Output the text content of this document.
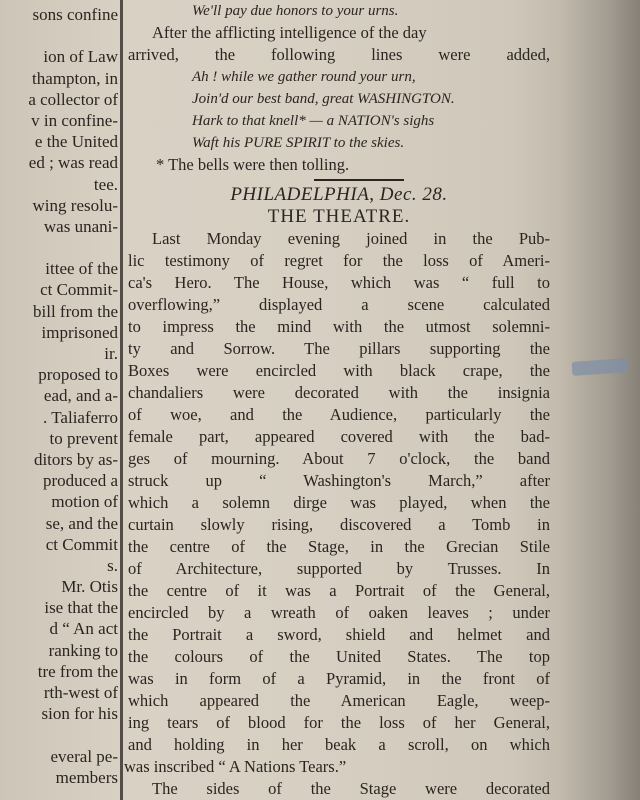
sons confine
ion of Law
thampton, in
a collector of
v in confine-
e the United
ed ; was read
tee.
wing resolu-
was unani-
ittee of the
ct Commit-
bill from the
imprisoned
ir.
proposed to
ead, and a-
. Taliaferro
to prevent
ditors by as-
produced a
motion of
se, and the
ct Commit
s.
Mr. Otis
ise that the
d “ An act
ranking to
tre from the
rth-west of
sion for his
everal pe-
members
We'll pay due honors to your urns.
After the afflicting intelligence of the day
arrived, the following lines were added,
Ah ! while we gather round your urn,
Join'd our best band, great WASHINGTON.
Hark to that knell* — a NATION's sighs
Waft his PURE SPIRIT to the skies.
* The bells were then tolling.
PHILADELPHIA, Dec. 28.
THE THEATRE.
Last Monday evening joined in the Pub-
lic testimony of regret for the loss of Ameri-
ca's Hero. The House, which was “ full to
overflowing,” displayed a scene calculated
to impress the mind with the utmost solemni-
ty and Sorrow. The pillars supporting the
Boxes were encircled with black crape, the
chandaliers were decorated with the insignia
of woe, and the Audience, particularly the
female part, appeared covered with the bad-
ges of mourning. About 7 o'clock, the band
struck up “ Washington's March,” after
which a solemn dirge was played, when the
curtain slowly rising, discovered a Tomb in
the centre of the Stage, in the Grecian Stile
of Architecture, supported by Trusses. In
the centre of it was a Portrait of the General,
encircled by a wreath of oaken leaves ; under
the Portrait a sword, shield and helmet and
the colours of the United States. The top
was in form of a Pyramid, in the front of
which appeared the American Eagle, weep-
ing tears of blood for the loss of her General,
and holding in her beak a scroll, on which
was inscribed “ A Nations Tears.”
The sides of the Stage were decorated
